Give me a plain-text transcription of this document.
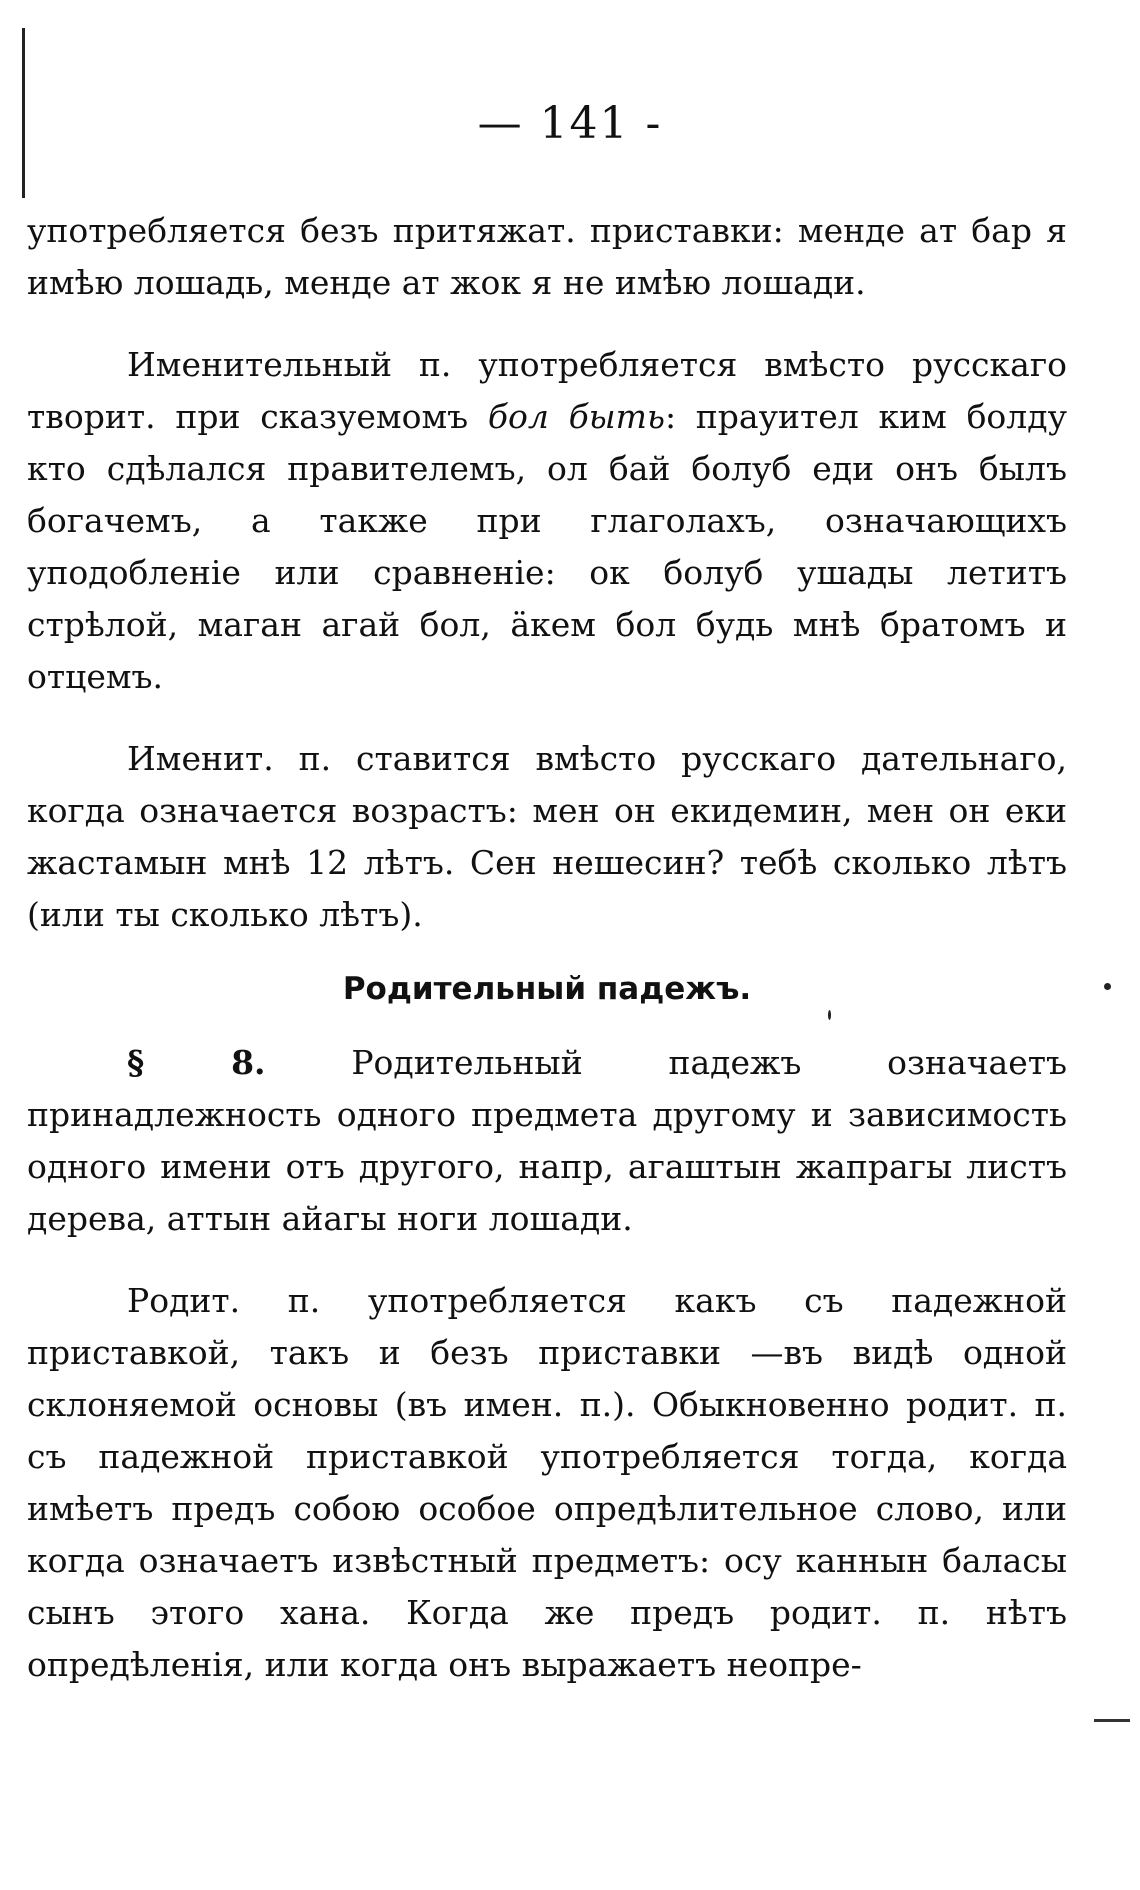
— 141 -

употребляется безъ притяжат. приставки: менде ат бар я имѣю лошадь, менде ат жок я не имѣю лошади.

Именительный п. употребляется вмѣсто русскаго творит. при сказуемомъ бол быть: прауител ким болду кто сдѣлался правителемъ, ол бай болуб еди онъ былъ богачемъ, а также при глаголахъ, означающихъ уподобленіе или сравненіе: ок болуб ушады летитъ стрѣлой, маган агай бол, äкем бол будь мнѣ братомъ и отцемъ.

Именит. п. ставится вмѣсто русскаго дательнаго, когда означается возрастъ: мен он екидемин, мен он еки жастамын мнѣ 12 лѣтъ. Сен нешесин? тебѣ сколько лѣтъ (или ты сколько лѣтъ).

Родительный падежъ.

§ 8. Родительный падежъ означаетъ принадлежность одного предмета другому и зависимость одного имени отъ другого, напр, агаштын жапрагы листъ дерева, аттын айагы ноги лошади.

Родит. п. употребляется какъ съ падежной приставкой, такъ и безъ приставки —въ видѣ одной склоняемой основы (въ имен. п.). Обыкновенно родит. п. съ падежной приставкой употребляется тогда, когда имѣетъ предъ собою особое опредѣлительное слово, или когда означаетъ извѣстный предметъ: осу каннын баласы сынъ этого хана. Когда же предъ родит. п. нѣтъ опредѣленія, или когда онъ выражаетъ неопре-
